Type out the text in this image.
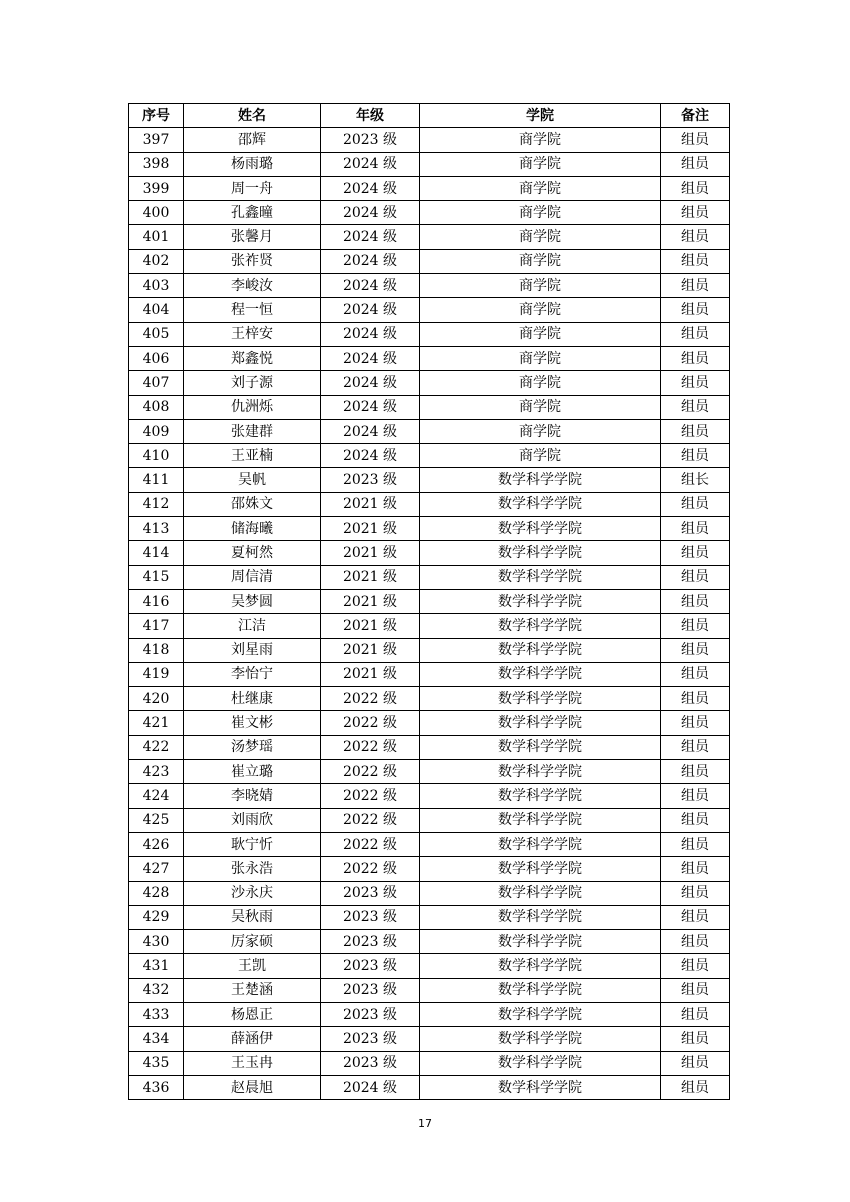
序号	姓名	年级	学院	备注
397	邵辉	2023 级	商学院	组员
398	杨雨璐	2024 级	商学院	组员
399	周一舟	2024 级	商学院	组员
400	孔鑫曈	2024 级	商学院	组员
401	张馨月	2024 级	商学院	组员
402	张祚贤	2024 级	商学院	组员
403	李峻汝	2024 级	商学院	组员
404	程一恒	2024 级	商学院	组员
405	王梓安	2024 级	商学院	组员
406	郑鑫悦	2024 级	商学院	组员
407	刘子源	2024 级	商学院	组员
408	仇洲烁	2024 级	商学院	组员
409	张建群	2024 级	商学院	组员
410	王亚楠	2024 级	商学院	组员
411	吴帆	2023 级	数学科学学院	组长
412	邵姝文	2021 级	数学科学学院	组员
413	储海曦	2021 级	数学科学学院	组员
414	夏柯然	2021 级	数学科学学院	组员
415	周信清	2021 级	数学科学学院	组员
416	吴梦圆	2021 级	数学科学学院	组员
417	江洁	2021 级	数学科学学院	组员
418	刘星雨	2021 级	数学科学学院	组员
419	李怡宁	2021 级	数学科学学院	组员
420	杜继康	2022 级	数学科学学院	组员
421	崔文彬	2022 级	数学科学学院	组员
422	汤梦瑶	2022 级	数学科学学院	组员
423	崔立璐	2022 级	数学科学学院	组员
424	李晓婧	2022 级	数学科学学院	组员
425	刘雨欣	2022 级	数学科学学院	组员
426	耿宁忻	2022 级	数学科学学院	组员
427	张永浩	2022 级	数学科学学院	组员
428	沙永庆	2023 级	数学科学学院	组员
429	吴秋雨	2023 级	数学科学学院	组员
430	厉家硕	2023 级	数学科学学院	组员
431	王凯	2023 级	数学科学学院	组员
432	王楚涵	2023 级	数学科学学院	组员
433	杨恩正	2023 级	数学科学学院	组员
434	薛涵伊	2023 级	数学科学学院	组员
435	王玉冉	2023 级	数学科学学院	组员
436	赵晨旭	2024 级	数学科学学院	组员
17
